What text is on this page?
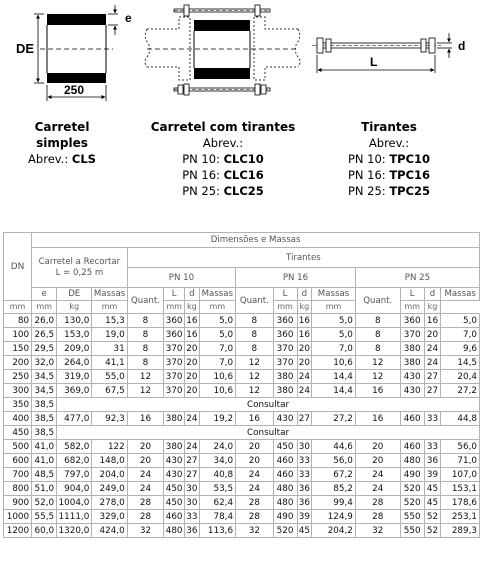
DE
e
250
d
L
Carretel simples
Abrev.: CLS
Carretel com tirantes
Abrev.:
PN 10: CLC10
PN 16: CLC16
PN 25: CLC25
Tirantes
Abrev.:
PN 10: TPC10
PN 16: TPC16
PN 25: TPC25
DN	Dimensões e Massas														
	Carretel a Recortar
L = 0,25 m			Tirantes											
				PN 10				PN 16				PN 25			
	e	DE	Massas	Quant.	L	d	Massas	Quant.	L	d	Massas	Quant.	L	d	Massas
mm	mm	kg	mm		mm	kg	mm		mm	kg	mm		mm	kg	
80	26,0	130,0	15,3	8	360	16	5,0	8	360	16	5,0	8	360	16	5,0
100	26,5	153,0	19,0	8	360	16	5,0	8	360	16	5,0	8	370	20	7,0
150	29,5	209,0	31	8	370	20	7,0	8	370	20	7,0	8	380	24	9,6
200	32,0	264,0	41,1	8	370	20	7,0	12	370	20	10,6	12	380	24	14,5
250	34,5	319,0	55,0	12	370	20	10,6	12	380	24	14,4	12	430	27	20,4
300	34,5	369,0	67,5	12	370	20	10,6	12	380	24	14,4	16	430	27	27,2
350	38,5	Consultar													
400	38,5	477,0	92,3	16	380	24	19,2	16	430	27	27,2	16	460	33	44,8
450	38,5	Consultar													
500	41,0	582,0	122	20	380	24	24,0	20	450	30	44,6	20	460	33	56,0
600	41,0	682,0	148,0	20	430	27	34,0	20	460	33	56,0	20	480	36	71,0
700	48,5	797,0	204,0	24	430	27	40,8	24	460	33	67,2	24	490	39	107,0
800	51,0	904,0	249,0	24	450	30	53,5	24	480	36	85,2	24	520	45	153,1
900	52,0	1004,0	278,0	28	450	30	62,4	28	480	36	99,4	28	520	45	178,6
1000	55,5	1111,0	329,0	28	460	33	78,4	28	490	39	124,9	28	550	52	253,1
1200	60,0	1320,0	424,0	32	480	36	113,6	32	520	45	204,2	32	550	52	289,3
